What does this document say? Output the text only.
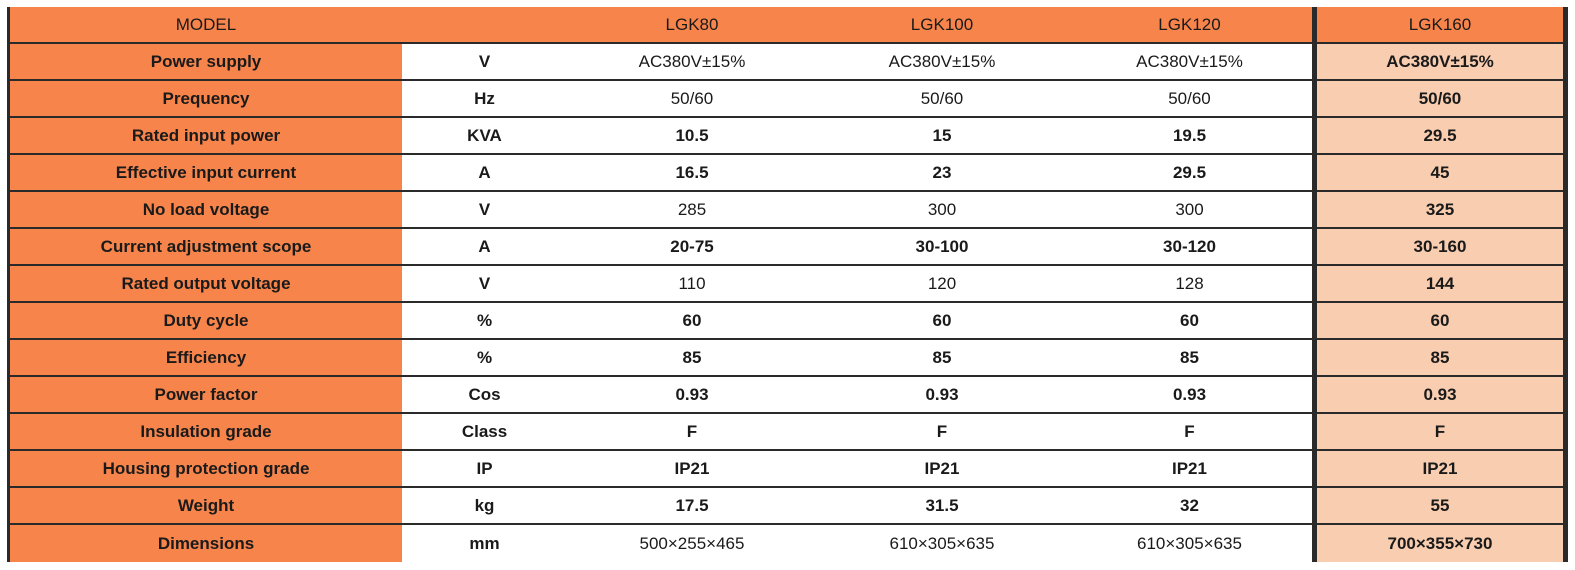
MODEL		LGK80	LGK100	LGK120	LGK160
Power supply	V	AC380V±15%	AC380V±15%	AC380V±15%	AC380V±15%
Prequency	Hz	50/60	50/60	50/60	50/60
Rated input power	KVA	10.5	15	19.5	29.5
Effective input current	A	16.5	23	29.5	45
No load voltage	V	285	300	300	325
Current adjustment scope	A	20-75	30-100	30-120	30-160
Rated output voltage	V	110	120	128	144
Duty cycle	%	60	60	60	60
Efficiency	%	85	85	85	85
Power factor	Cos	0.93	0.93	0.93	0.93
Insulation grade	Class	F	F	F	F
Housing protection grade	IP	IP21	IP21	IP21	IP21
Weight	kg	17.5	31.5	32	55
Dimensions	mm	500×255×465	610×305×635	610×305×635	700×355×730
